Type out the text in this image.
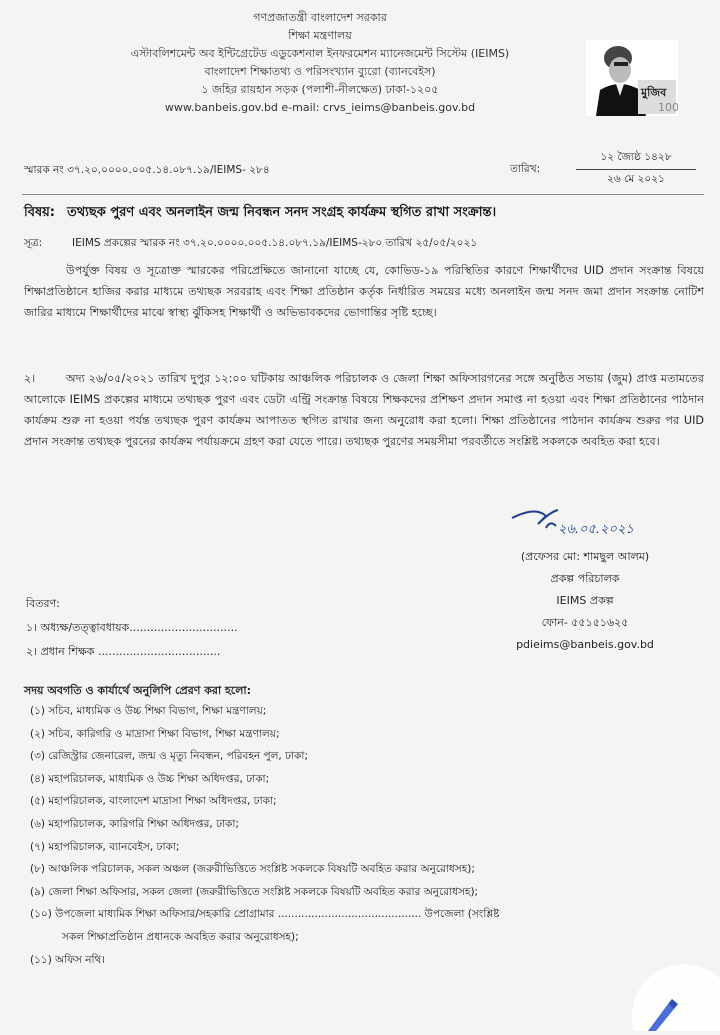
গণপ্রজাতন্ত্রী বাংলাদেশ সরকার
শিক্ষা মন্ত্রণালয়
এস্টাবলিশমেন্ট অব ইন্টিগ্রেটেড এডুকেশনাল ইনফরমেশন ম্যানেজমেন্ট সিস্টেম (IEIMS)
বাংলাদেশ শিক্ষাতথ্য ও পরিসংখ্যান ব্যুরো (ব্যানবেইস)
১ জহির রায়হান সড়ক (পলাশী-নীলক্ষেত) ঢাকা-১২০৫
www.banbeis.gov.bd e-mail: crvs_ieims@banbeis.gov.bd
মুজিব
100
স্মারক নং ৩৭.২০.০০০০.০০৫.১৪.০৮৭.১৯/IEIMS- ২৮৪	তারিখ:
১২ জ্যৈষ্ঠ ১৪২৮
২৬ মে ২০২১
বিষয়: তথ্যছক পুরণ এবং অনলাইন জন্ম নিবন্ধন সনদ সংগ্রহ কার্যক্রম স্থগিত রাখা সংক্রান্ত।
সূত্র:	IEIMS প্রকল্পের স্মারক নং ৩৭.২০.০০০০.০০৫.১৪.০৮৭.১৯/IEIMS-২৮০ তারিখ ২৫/০৫/২০২১
উপর্যুক্ত বিষয় ও সূত্রোক্ত স্মারকের পরিপ্রেক্ষিতে জানানো যাচ্ছে যে, কোভিড-১৯ পরিস্থিতির কারণে শিক্ষার্থীদের UID প্রদান সংক্রান্ত বিষয়ে শিক্ষাপ্রতিষ্ঠানে হাজির করার মাধ্যমে তথ্যছক সরবরাহ এবং শিক্ষা প্রতিষ্ঠান কর্তৃক নির্ধারিত সময়ের মধ্যে অনলাইন জন্ম সনদ জমা প্রদান সংক্রান্ত নোটিশ জারির মাধ্যমে শিক্ষার্থীদের মাঝে স্বাস্থ্য ঝুঁকিসহ শিক্ষার্থী ও অভিভাবকদের ভোগান্তির সৃষ্টি হচ্ছে।
২।	অদ্য ২৬/০৫/২০২১ তারিখ দুপুর ১২:০০ ঘটিকায় আঞ্চলিক পরিচালক ও জেলা শিক্ষা অফিসারগনের সঙ্গে অনুষ্ঠিত সভায় (জুম) প্রাপ্ত মতামতের আলোকে IEIMS প্রকল্পের মাধ্যমে তথ্যছক পুরণ এবং ডেটা এন্ট্রি সংক্রান্ত বিষয়ে শিক্ষকদের প্রশিক্ষণ প্রদান সমাপ্ত না হওয়া এবং শিক্ষা প্রতিষ্ঠানের পাঠদান কার্যক্রম শুরু না হওয়া পর্যন্ত তথ্যছক পুরণ কার্যক্রম আপাতত স্থগিত রাখার জন্য অনুরোধ করা হলো। শিক্ষা প্রতিষ্ঠানের পাঠদান কার্যক্রম শুরুর পর UID প্রদান সংক্রান্ত তথ্যছক পুরনের কার্যক্রম পর্যায়ক্রমে গ্রহণ করা যেতে পারে। তথ্যছক পুরণের সময়সীমা পরবর্তীতে সংশ্লিষ্ট সকলকে অবহিত করা হবে।
২৬.০৫.২০২১
(প্রফেসর মো: শামছুল আলম)
প্রকল্প পরিচালক
IEIMS প্রকল্প
ফোন- ৫৫১৫১৬২৫
pdieims@banbeis.gov.bd
বিতরণ:
১। অধ্যক্ষ/তত্ত্বাবধায়ক...............................
২। প্রধান শিক্ষক ...................................
সদয় অবগতি ও কার্যার্থে অনুলিপি প্রেরণ করা হলো:
(১) সচিব, মাধ্যমিক ও উচ্চ শিক্ষা বিভাগ, শিক্ষা মন্ত্রণালয়;
(২) সচিব, কারিগরি ও মাদ্রাসা শিক্ষা বিভাগ, শিক্ষা মন্ত্রণালয়;
(৩) রেজিস্ট্রার জেনারেল, জন্ম ও মৃত্যু নিবন্ধন, পরিবহন পুল, ঢাকা;
(৪) মহাপরিচালক, মাধ্যমিক ও উচ্চ শিক্ষা অধিদপ্তর, ঢাকা;
(৫) মহাপরিচালক, বাংলাদেশ মাদ্রাসা শিক্ষা অধিদপ্তর, ঢাকা;
(৬) মহাপরিচালক, কারিগরি শিক্ষা অধিদপ্তর, ঢাকা;
(৭) মহাপরিচালক, ব্যানবেইস, ঢাকা;
(৮) আঞ্চলিক পরিচালক, সকল অঞ্চল (জরুরীভিত্তিতে সংশ্লিষ্ট সকলকে বিষয়টি অবহিত করার অনুরোধসহ);
(৯) জেলা শিক্ষা অফিসার, সকল জেলা (জরুরীভিত্তিতে সংশ্লিষ্ট সকলকে বিষয়টি অবহিত করার অনুরোধসহ);
(১০) উপজেলা মাধ্যমিক শিক্ষা অফিসার/সহকারি প্রোগ্রামার ........................................... উপজেলা (সংশ্লিষ্ট
সকল শিক্ষাপ্রতিষ্ঠান প্রধানকে অবহিত করার অনুরোধসহ);
(১১) অফিস নথি।
